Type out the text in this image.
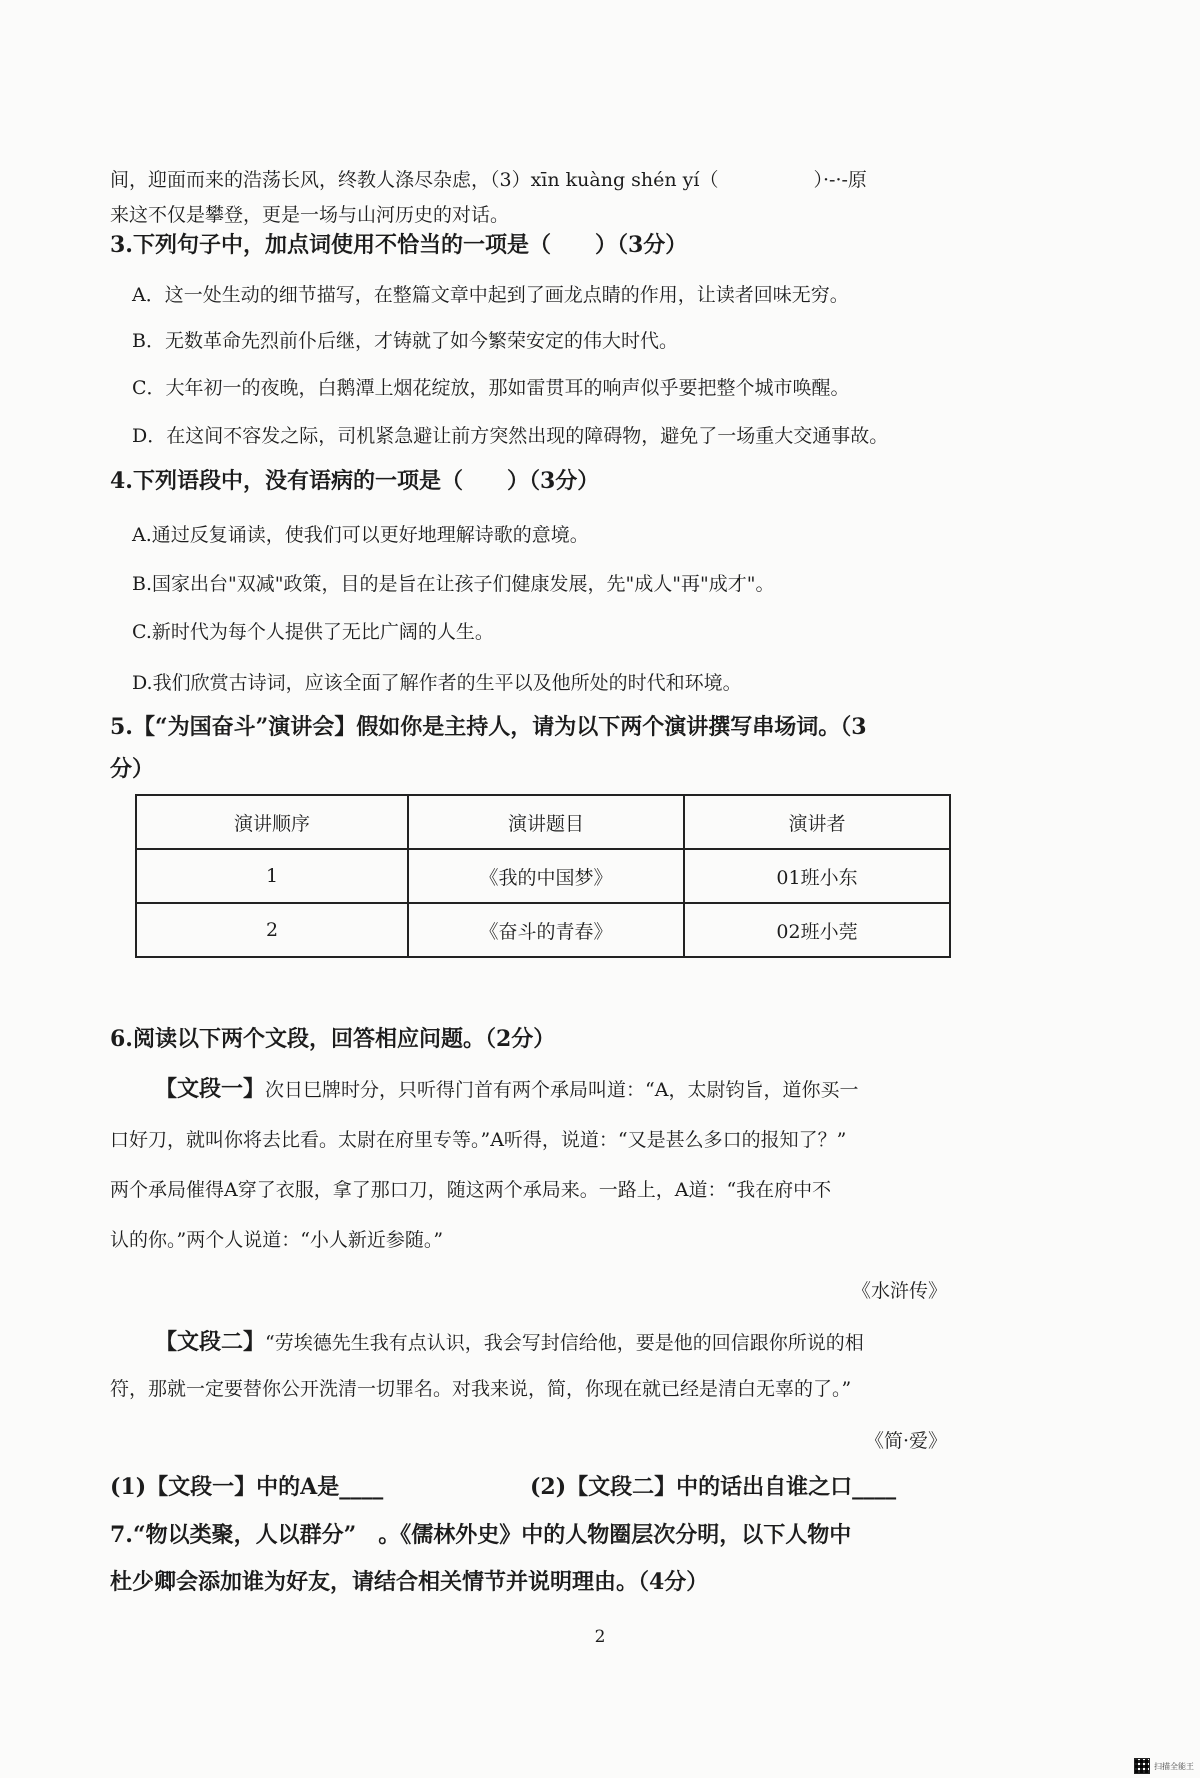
间，迎面而来的浩荡长风，终教人涤尽杂虑，（3）xīn kuàng shén yí（　　　　　）·-·-原
来这不仅是攀登，更是一场与山河历史的对话。
3.下列句子中，加点词使用不恰当的一项是（　　）（3分）
A．这一处生动的细节描写，在整篇文章中起到了画龙点睛的作用，让读者回味无穷。
B．无数革命先烈前仆后继，才铸就了如今繁荣安定的伟大时代。
C．大年初一的夜晚，白鹅潭上烟花绽放，那如雷贯耳的响声似乎要把整个城市唤醒。
D．在这间不容发之际，司机紧急避让前方突然出现的障碍物，避免了一场重大交通事故。
4.下列语段中，没有语病的一项是（　　）（3分）
A.通过反复诵读，使我们可以更好地理解诗歌的意境。
B.国家出台"双减"政策，目的是旨在让孩子们健康发展，先"成人"再"成才"。
C.新时代为每个人提供了无比广阔的人生。
D.我们欣赏古诗词，应该全面了解作者的生平以及他所处的时代和环境。
5.【“为国奋斗”演讲会】假如你是主持人，请为以下两个演讲撰写串场词。（3
分）
演讲顺序	演讲题目	演讲者
1	《我的中国梦》	01班小东
2	《奋斗的青春》	02班小莞
6.阅读以下两个文段，回答相应问题。（2分）
【文段一】次日巳牌时分，只听得门首有两个承局叫道：“A，太尉钧旨，道你买一
口好刀，就叫你将去比看。太尉在府里专等。”A听得，说道：“又是甚么多口的报知了？”
两个承局催得A穿了衣服，拿了那口刀，随这两个承局来。一路上，A道：“我在府中不
认的你。”两个人说道：“小人新近参随。”
《水浒传》
【文段二】“劳埃德先生我有点认识，我会写封信给他，要是他的回信跟你所说的相
符，那就一定要替你公开洗清一切罪名。对我来说，简，你现在就已经是清白无辜的了。”
《简·爱》
(1)【文段一】中的A是____	(2)【文段二】中的话出自谁之口____
7.“物以类聚，人以群分”　。《儒林外史》中的人物圈层次分明，以下人物中
杜少卿会添加谁为好友，请结合相关情节并说明理由。（4分）
2
扫描全能王
